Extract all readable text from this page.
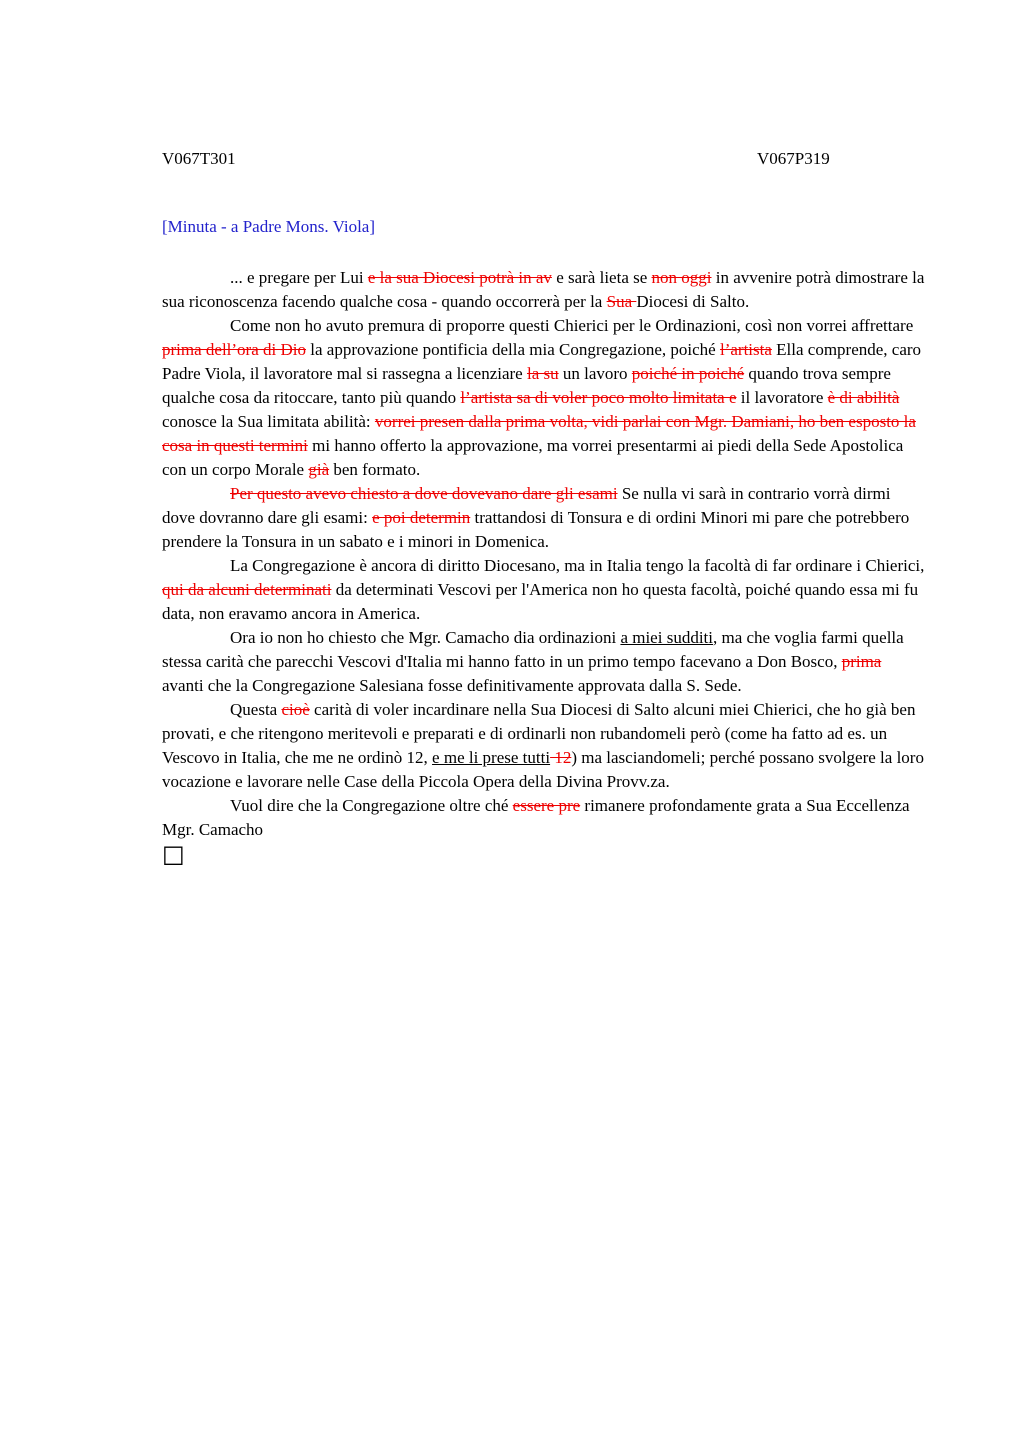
V067T301	V067P319
[Minuta - a Padre Mons. Viola]

... e pregare per Lui e la sua Diocesi potrà in av e sarà lieta se non oggi in avvenire potrà dimostrare la sua riconoscenza facendo qualche cosa - quando occorrerà per la Sua Diocesi di Salto.

Come non ho avuto premura di proporre questi Chierici per le Ordinazioni, così non vorrei affrettare prima dell’ora di Dio la approvazione pontificia della mia Congregazione, poiché l’artista Ella comprende, caro Padre Viola, il lavoratore mal si rassegna a licenziare la su un lavoro poiché in poiché quando trova sempre qualche cosa da ritoccare, tanto più quando l’artista sa di voler poco molto limitata e il lavoratore è di abilità conosce la Sua limitata abilità: vorrei presen dalla prima volta, vidi parlai con Mgr. Damiani, ho ben esposto la cosa in questi termini mi hanno offerto la approvazione, ma vorrei presentarmi ai piedi della Sede Apostolica con un corpo Morale già ben formato.

Per questo avevo chiesto a dove dovevano dare gli esami Se nulla vi sarà in contrario vorrà dirmi dove dovranno dare gli esami: e poi determin trattandosi di Tonsura e di ordini Minori mi pare che potrebbero prendere la Tonsura in un sabato e i minori in Domenica.

La Congregazione è ancora di diritto Diocesano, ma in Italia tengo la facoltà di far ordinare i Chierici, qui da alcuni determinati da determinati Vescovi per l'America non ho questa facoltà, poiché quando essa mi fu data, non eravamo ancora in America.

Ora io non ho chiesto che Mgr. Camacho dia ordinazioni a miei sudditi, ma che voglia farmi quella stessa carità che parecchi Vescovi d'Italia mi hanno fatto in un primo tempo facevano a Don Bosco, prima avanti che la Congregazione Salesiana fosse definitivamente approvata dalla S. Sede.

Questa cioè carità di voler incardinare nella Sua Diocesi di Salto alcuni miei Chierici, che ho già ben provati, e che ritengono meritevoli e preparati e di ordinarli non rubandomeli però (come ha fatto ad es. un Vescovo in Italia, che me ne ordinò 12, e me li prese tutti 12) ma lasciandomeli; perché possano svolgere la loro vocazione e lavorare nelle Case della Piccola Opera della Divina Provv.za.

Vuol dire che la Congregazione oltre ché essere pre rimanere profondamente grata a Sua Eccellenza Mgr. Camacho

□
